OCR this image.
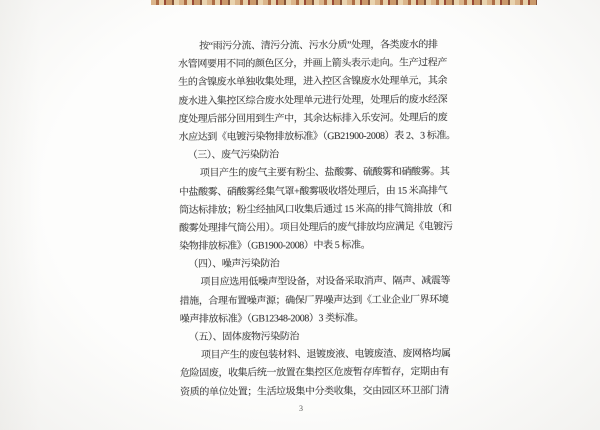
按“雨污分流、清污分流、污水分质”处理，各类废水的排
水管网要用不同的颜色区分，并画上箭头表示走向。生产过程产
生的含镍废水单独收集处理，进入控区含镍废水处理单元，其余
废水进入集控区综合废水处理单元进行处理，处理后的废水经深
度处理后部分回用到生产中，其余达标排入乐安河。处理后的废
水应达到《电镀污染物排放标准》（GB21900-2008）表 2、3 标准。
（三）、废气污染防治
项目产生的废气主要有粉尘、盐酸雾、硫酸雾和硝酸雾。其
中盐酸雾、硝酸雾经集气罩+酸雾吸收塔处理后，由 15 米高排气
筒达标排放；粉尘经抽风口收集后通过 15 米高的排气筒排放（和
酸雾处理排气筒公用）。项目处理后的废气排放均应满足《电镀污
染物排放标准》（GB1900-2008）中表 5 标准。
（四）、噪声污染防治
项目应选用低噪声型设备，对设备采取消声、隔声、减震等
措施，合理布置噪声源；确保厂界噪声达到《工业企业厂界环境
噪声排放标准》（GB12348-2008）3 类标准。
（五）、固体废物污染防治
项目产生的废包装材料、退镀废液、电镀废渣、废网格均属
危险固废，收集后统一放置在集控区危废暂存库暂存，定期由有
资质的单位处置；生活垃圾集中分类收集，交由园区环卫部门清
3
